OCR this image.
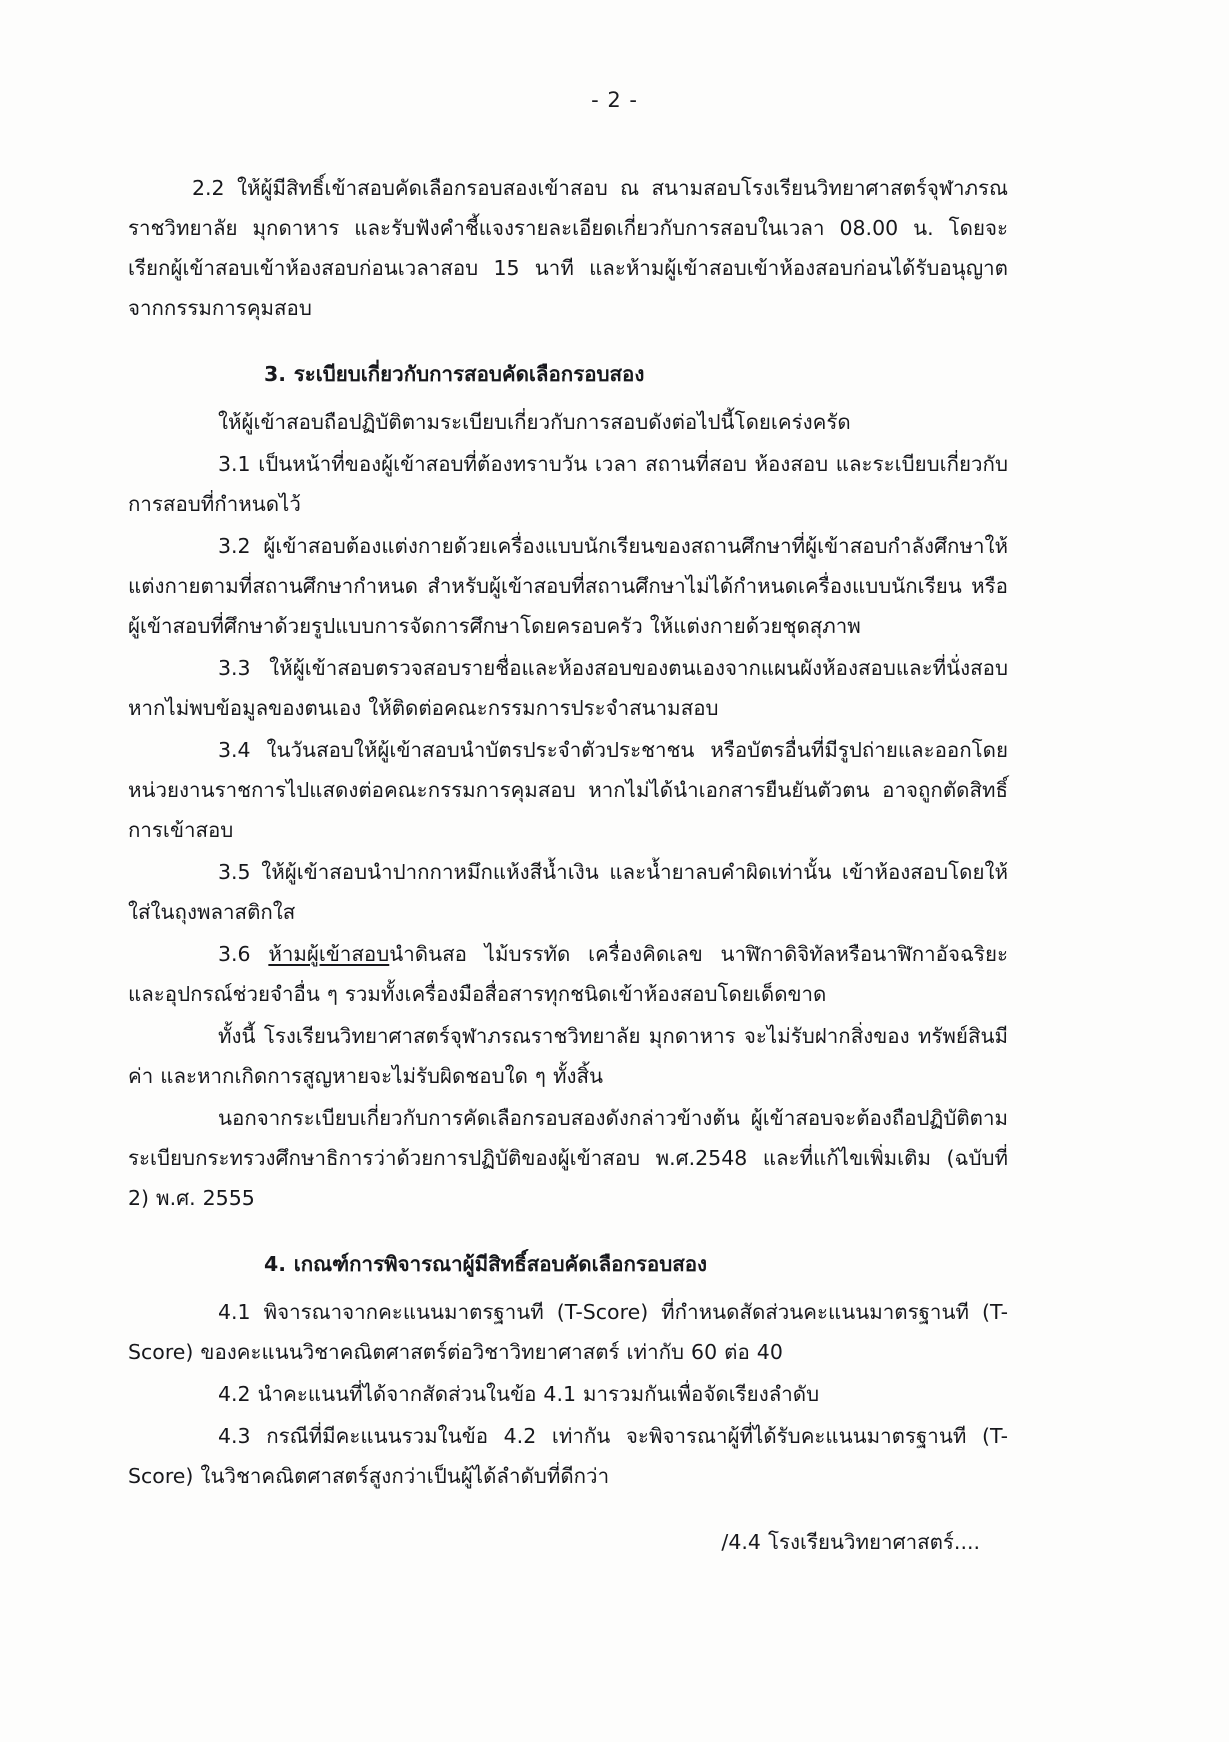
- 2 -

2.2 ให้ผู้มีสิทธิ์เข้าสอบคัดเลือกรอบสองเข้าสอบ ณ สนามสอบโรงเรียนวิทยาศาสตร์จุฬาภรณราชวิทยาลัย มุกดาหาร และรับฟังคำชี้แจงรายละเอียดเกี่ยวกับการสอบในเวลา 08.00 น. โดยจะเรียกผู้เข้าสอบเข้าห้องสอบก่อนเวลาสอบ 15 นาที และห้ามผู้เข้าสอบเข้าห้องสอบก่อนได้รับอนุญาตจากกรรมการคุมสอบ

3. ระเบียบเกี่ยวกับการสอบคัดเลือกรอบสอง

ให้ผู้เข้าสอบถือปฏิบัติตามระเบียบเกี่ยวกับการสอบดังต่อไปนี้โดยเคร่งครัด

3.1 เป็นหน้าที่ของผู้เข้าสอบที่ต้องทราบวัน เวลา สถานที่สอบ ห้องสอบ และระเบียบเกี่ยวกับการสอบที่กำหนดไว้

3.2 ผู้เข้าสอบต้องแต่งกายด้วยเครื่องแบบนักเรียนของสถานศึกษาที่ผู้เข้าสอบกำลังศึกษาให้แต่งกายตามที่สถานศึกษากำหนด สำหรับผู้เข้าสอบที่สถานศึกษาไม่ได้กำหนดเครื่องแบบนักเรียน หรือผู้เข้าสอบที่ศึกษาด้วยรูปแบบการจัดการศึกษาโดยครอบครัว ให้แต่งกายด้วยชุดสุภาพ

3.3 ให้ผู้เข้าสอบตรวจสอบรายชื่อและห้องสอบของตนเองจากแผนผังห้องสอบและที่นั่งสอบ หากไม่พบข้อมูลของตนเอง ให้ติดต่อคณะกรรมการประจำสนามสอบ

3.4 ในวันสอบให้ผู้เข้าสอบนำบัตรประจำตัวประชาชน หรือบัตรอื่นที่มีรูปถ่ายและออกโดยหน่วยงานราชการไปแสดงต่อคณะกรรมการคุมสอบ หากไม่ได้นำเอกสารยืนยันตัวตน อาจถูกตัดสิทธิ์การเข้าสอบ

3.5 ให้ผู้เข้าสอบนำปากกาหมึกแห้งสีน้ำเงิน และน้ำยาลบคำผิดเท่านั้น เข้าห้องสอบโดยให้ใส่ในถุงพลาสติกใส

3.6 ห้ามผู้เข้าสอบนำดินสอ ไม้บรรทัด เครื่องคิดเลข นาฬิกาดิจิทัลหรือนาฬิกาอัจฉริยะ และอุปกรณ์ช่วยจำอื่น ๆ รวมทั้งเครื่องมือสื่อสารทุกชนิดเข้าห้องสอบโดยเด็ดขาด

ทั้งนี้ โรงเรียนวิทยาศาสตร์จุฬาภรณราชวิทยาลัย มุกดาหาร จะไม่รับฝากสิ่งของ ทรัพย์สินมีค่า และหากเกิดการสูญหายจะไม่รับผิดชอบใด ๆ ทั้งสิ้น

นอกจากระเบียบเกี่ยวกับการคัดเลือกรอบสองดังกล่าวข้างต้น ผู้เข้าสอบจะต้องถือปฏิบัติตามระเบียบกระทรวงศึกษาธิการว่าด้วยการปฏิบัติของผู้เข้าสอบ พ.ศ.2548 และที่แก้ไขเพิ่มเติม (ฉบับที่ 2) พ.ศ. 2555

4. เกณฑ์การพิจารณาผู้มีสิทธิ์สอบคัดเลือกรอบสอง

4.1 พิจารณาจากคะแนนมาตรฐานที (T-Score) ที่กำหนดสัดส่วนคะแนนมาตรฐานที (T-Score) ของคะแนนวิชาคณิตศาสตร์ต่อวิชาวิทยาศาสตร์ เท่ากับ 60 ต่อ 40

4.2 นำคะแนนที่ได้จากสัดส่วนในข้อ 4.1 มารวมกันเพื่อจัดเรียงลำดับ

4.3 กรณีที่มีคะแนนรวมในข้อ 4.2 เท่ากัน จะพิจารณาผู้ที่ได้รับคะแนนมาตรฐานที (T-Score) ในวิชาคณิตศาสตร์สูงกว่าเป็นผู้ได้ลำดับที่ดีกว่า

/4.4 โรงเรียนวิทยาศาสตร์....
